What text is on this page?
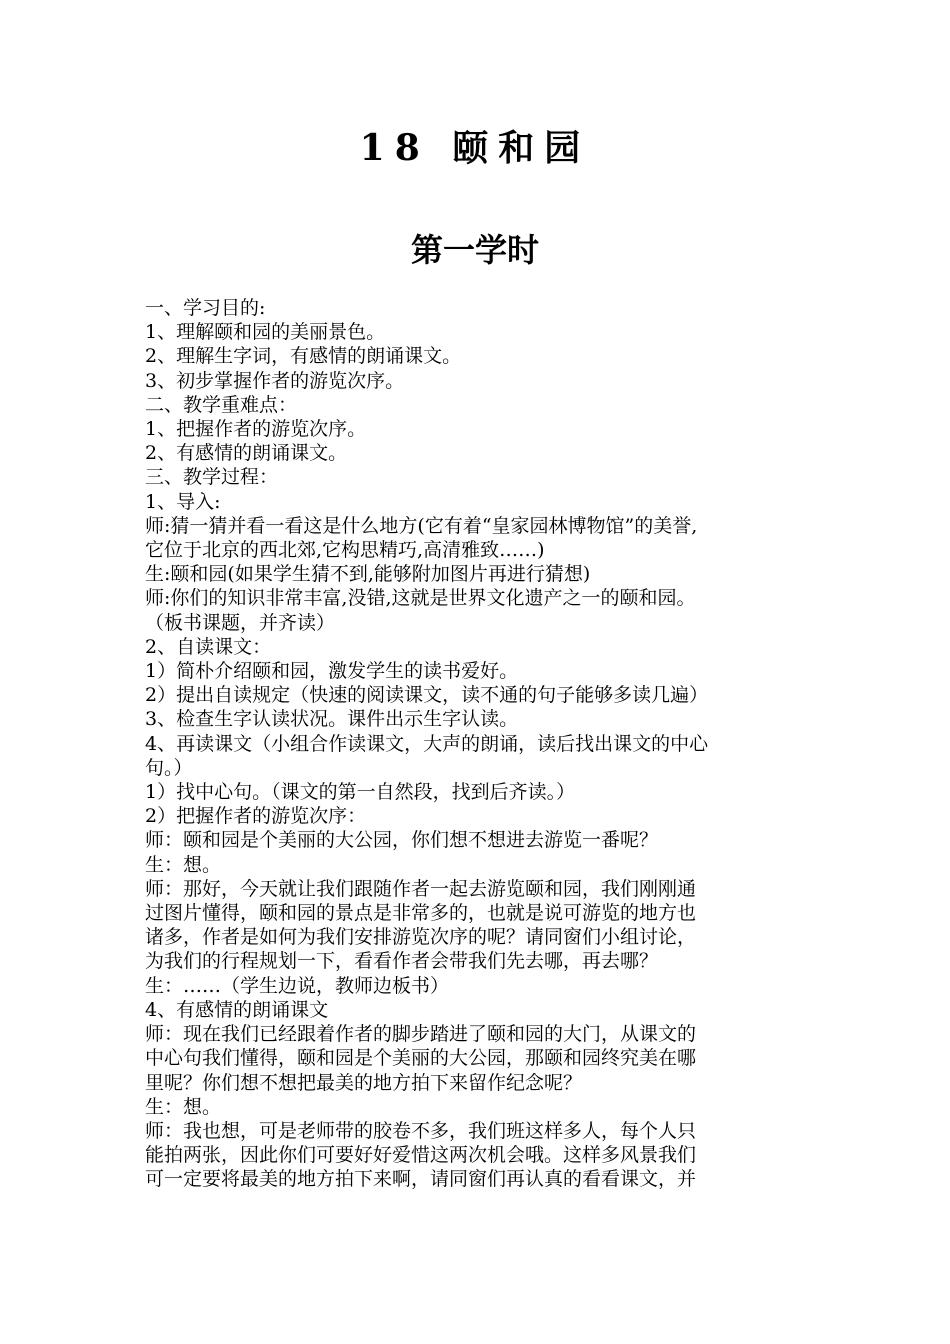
18 颐和园
第一学时
一、学习目的:
1、理解颐和园的美丽景色。
2、理解生字词，有感情的朗诵课文。
3、初步掌握作者的游览次序。
二、教学重难点：
1、把握作者的游览次序。
2、有感情的朗诵课文。
三、教学过程：
1、导入:
师:猜一猜并看一看这是什么地方(它有着“皇家园林博物馆”的美誉,
它位于北京的西北郊,它构思精巧,高清雅致……)
生:颐和园(如果学生猜不到,能够附加图片再进行猜想)
师:你们的知识非常丰富,没错,这就是世界文化遗产之一的颐和园。
（板书课题，并齐读）
2、自读课文：
1）简朴介绍颐和园，激发学生的读书爱好。
2）提出自读规定（快速的阅读课文，读不通的句子能够多读几遍）
3、检查生字认读状况。课件出示生字认读。
4、再读课文（小组合作读课文，大声的朗诵，读后找出课文的中心
句。）
1）找中心句。（课文的第一自然段，找到后齐读。）
2）把握作者的游览次序：
师：颐和园是个美丽的大公园，你们想不想进去游览一番呢？
生：想。
师：那好，今天就让我们跟随作者一起去游览颐和园，我们刚刚通
过图片懂得，颐和园的景点是非常多的，也就是说可游览的地方也
诸多，作者是如何为我们安排游览次序的呢？请同窗们小组讨论，
为我们的行程规划一下，看看作者会带我们先去哪，再去哪？
生：……（学生边说，教师边板书）
4、有感情的朗诵课文
师：现在我们已经跟着作者的脚步踏进了颐和园的大门，从课文的
中心句我们懂得，颐和园是个美丽的大公园，那颐和园终究美在哪
里呢？你们想不想把最美的地方拍下来留作纪念呢？
生：想。
师：我也想，可是老师带的胶卷不多，我们班这样多人，每个人只
能拍两张，因此你们可要好好爱惜这两次机会哦。这样多风景我们
可一定要将最美的地方拍下来啊，请同窗们再认真的看看课文，并
